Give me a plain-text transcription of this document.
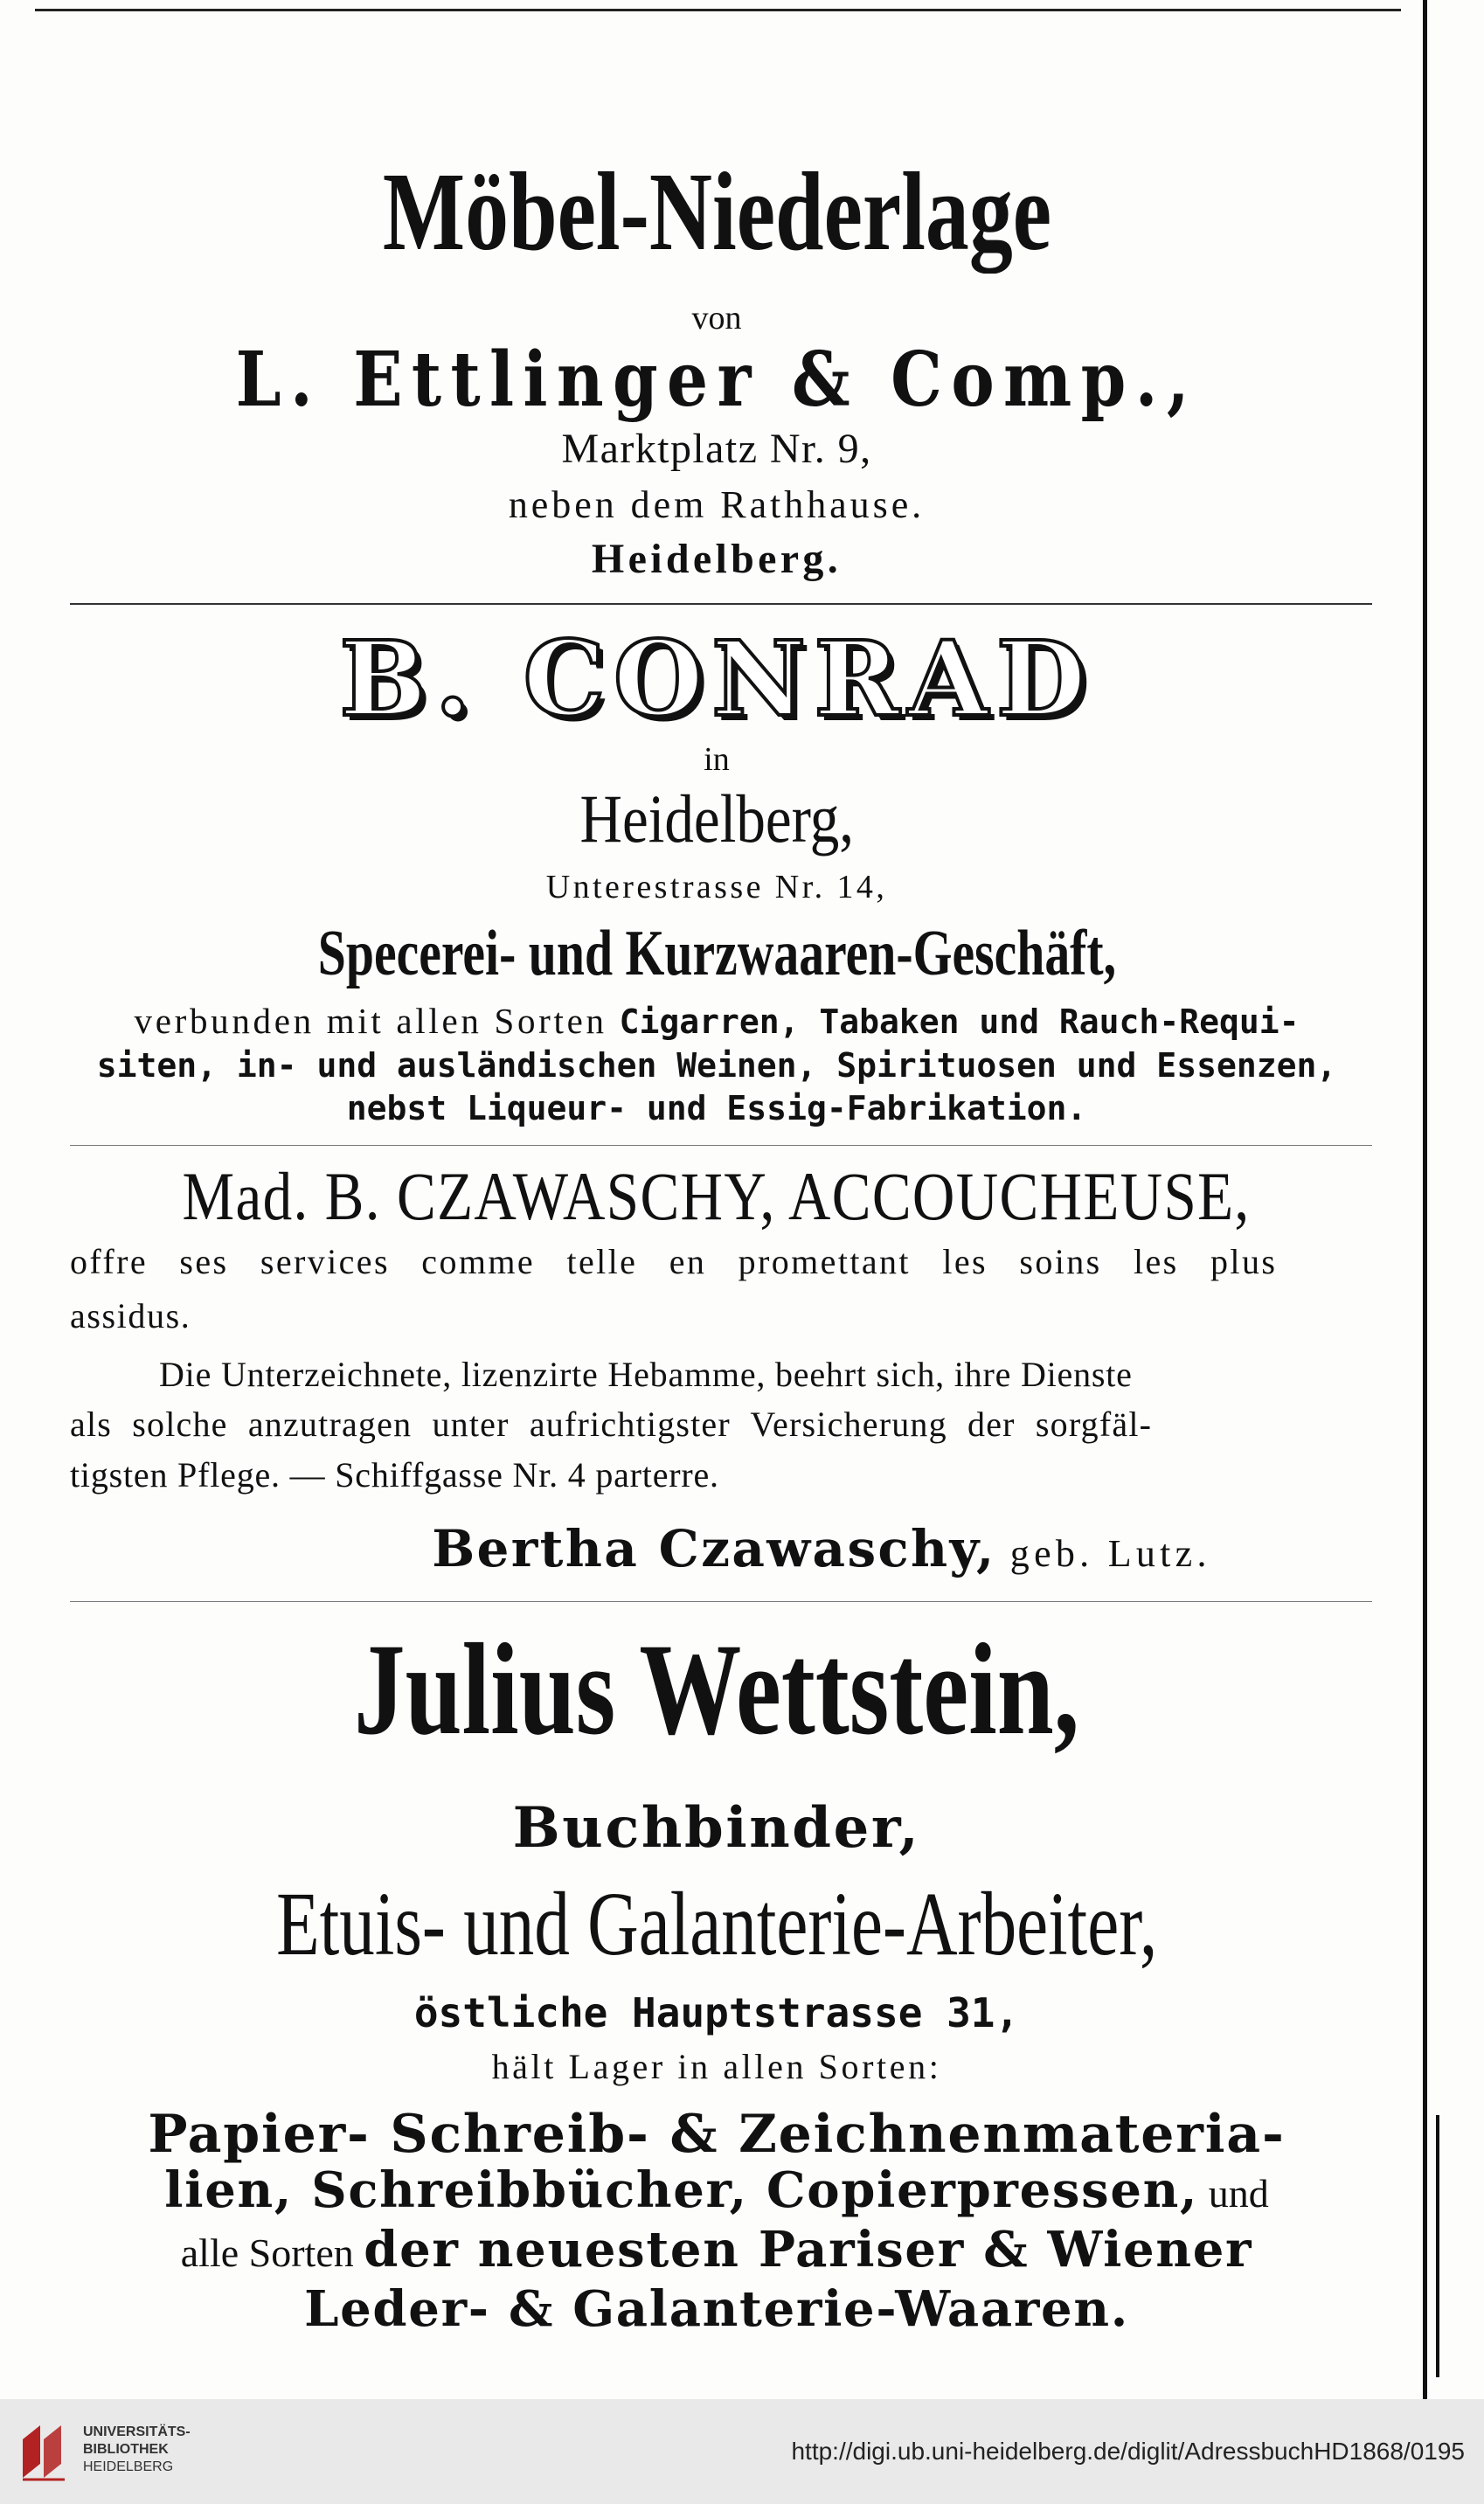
Möbel-Niederlage
von
L. Ettlinger & Comp.,
Marktplatz Nr. 9,
neben dem Rathhause.
Heidelberg.
B. CONRAD
in
Heidelberg,
Unterestrasse Nr. 14,
Specerei- und Kurzwaaren-Geschäft,
verbunden mit allen Sorten Cigarren, Tabaken und Rauch-Requi-
siten, in- und ausländischen Weinen, Spirituosen und Essenzen,
nebst Liqueur- und Essig-Fabrikation.
Mad. B. CZAWASCHY, ACCOUCHEUSE,
offre ses services comme telle en promettant les soins les plus
assidus.
Die Unterzeichnete, lizenzirte Hebamme, beehrt sich, ihre Dienste
als solche anzutragen unter aufrichtigster Versicherung der sorgfäl-
tigsten Pflege. — Schiffgasse Nr. 4 parterre.
Bertha Czawaschy, geb. Lutz.
Julius Wettstein,
Buchbinder,
Etuis- und Galanterie-Arbeiter,
östliche Hauptstrasse 31,
hält Lager in allen Sorten:
Papier- Schreib- & Zeichnenmateria-
lien, Schreibbücher, Copierpressen, und
alle Sorten der neuesten Pariser & Wiener
Leder- & Galanterie-Waaren.
UNIVERSITÄTS-
BIBLIOTHEK
HEIDELBERG
http://digi.ub.uni-heidelberg.de/diglit/AdressbuchHD1868/0195
